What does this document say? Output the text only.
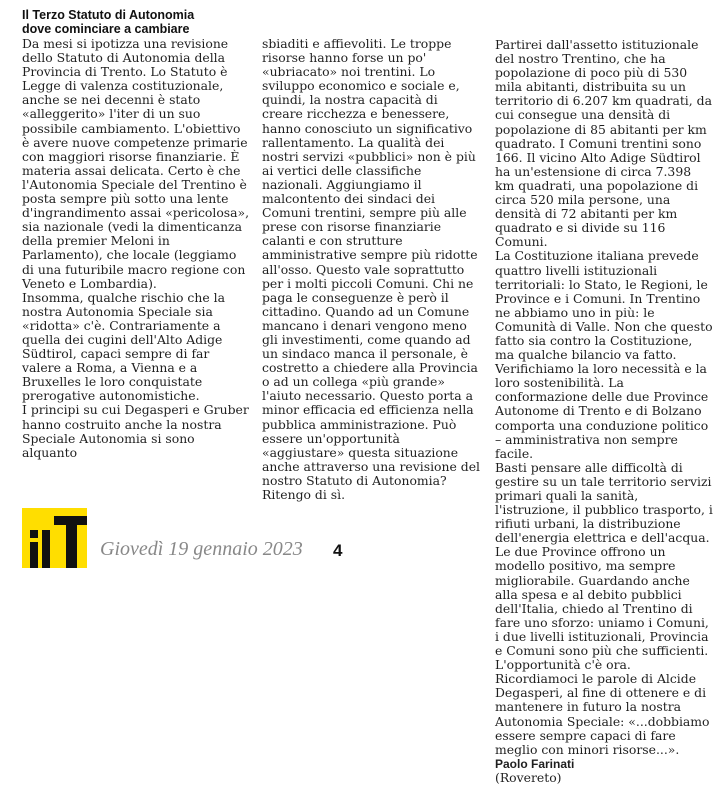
Il Terzo Statuto di Autonomia
dove cominciare a cambiare

Da mesi si ipotizza una revisione dello Statuto di Autonomia della Provincia di Trento. Lo Statuto è Legge di valenza costituzionale, anche se nei decenni è stato «alleggerito» l'iter di un suo possibile cambiamento. L'obiettivo è avere nuove competenze primarie con maggiori risorse finanziarie. È materia assai delicata. Certo è che l'Autonomia Speciale del Trentino è posta sempre più sotto una lente d'ingrandimento assai «pericolosa», sia nazionale (vedi la dimenticanza della premier Meloni in Parlamento), che locale (leggiamo di una futuribile macro regione con Veneto e Lombardia).

Insomma, qualche rischio che la nostra Autonomia Speciale sia «ridotta» c'è. Contrariamente a quella dei cugini dell'Alto Adige Südtirol, capaci sempre di far valere a Roma, a Vienna e a Bruxelles le loro conquistate prerogative autonomistiche.

I principi su cui Degasperi e Gruber hanno costruito anche la nostra Speciale Autonomia si sono alquanto

sbiaditi e affievoliti. Le troppe risorse hanno forse un po' «ubriacato» noi trentini. Lo sviluppo economico e sociale e, quindi, la nostra capacità di creare ricchezza e benessere, hanno conosciuto un significativo rallentamento. La qualità dei nostri servizi «pubblici» non è più ai vertici delle classifiche nazionali. Aggiungiamo il malcontento dei sindaci dei Comuni trentini, sempre più alle prese con risorse finanziarie calanti e con strutture amministrative sempre più ridotte all'osso. Questo vale soprattutto per i molti piccoli Comuni. Chi ne paga le conseguenze è però il cittadino. Quando ad un Comune mancano i denari vengono meno gli investimenti, come quando ad un sindaco manca il personale, è costretto a chiedere alla Provincia o ad un collega «più grande» l'aiuto necessario. Questo porta a minor efficacia ed efficienza nella pubblica amministrazione. Può essere un'opportunità «aggiustare» questa situazione anche attraverso una revisione del nostro Statuto di Autonomia? Ritengo di sì.

Partirei dall'assetto istituzionale del nostro Trentino, che ha popolazione di poco più di 530 mila abitanti, distribuita su un territorio di 6.207 km quadrati, da cui consegue una densità di popolazione di 85 abitanti per km quadrato. I Comuni trentini sono 166. Il vicino Alto Adige Südtirol ha un'estensione di circa 7.398 km quadrati, una popolazione di circa 520 mila persone, una densità di 72 abitanti per km quadrato e si divide su 116 Comuni.

La Costituzione italiana prevede quattro livelli istituzionali territoriali: lo Stato, le Regioni, le Province e i Comuni. In Trentino ne abbiamo uno in più: le Comunità di Valle. Non che questo fatto sia contro la Costituzione, ma qualche bilancio va fatto. Verifichiamo la loro necessità e la loro sostenibilità. La conformazione delle due Province Autonome di Trento e di Bolzano comporta una conduzione politico – amministrativa non sempre facile.

Basti pensare alle difficoltà di gestire su un tale territorio servizi primari quali la sanità, l'istruzione, il pubblico trasporto, i rifiuti urbani, la distribuzione dell'energia elettrica e dell'acqua. Le due Province offrono un modello positivo, ma sempre migliorabile. Guardando anche alla spesa e al debito pubblici dell'Italia, chiedo al Trentino di fare uno sforzo: uniamo i Comuni, i due livelli istituzionali, Provincia e Comuni sono più che sufficienti.

L'opportunità c'è ora. Ricordiamoci le parole di Alcide Degasperi, al fine di ottenere e di mantenere in futuro la nostra Autonomia Speciale: «...dobbiamo essere sempre capaci di fare meglio con minori risorse...».

Paolo Farinati

(Rovereto)

Giovedì 19 gennaio 2023 4
